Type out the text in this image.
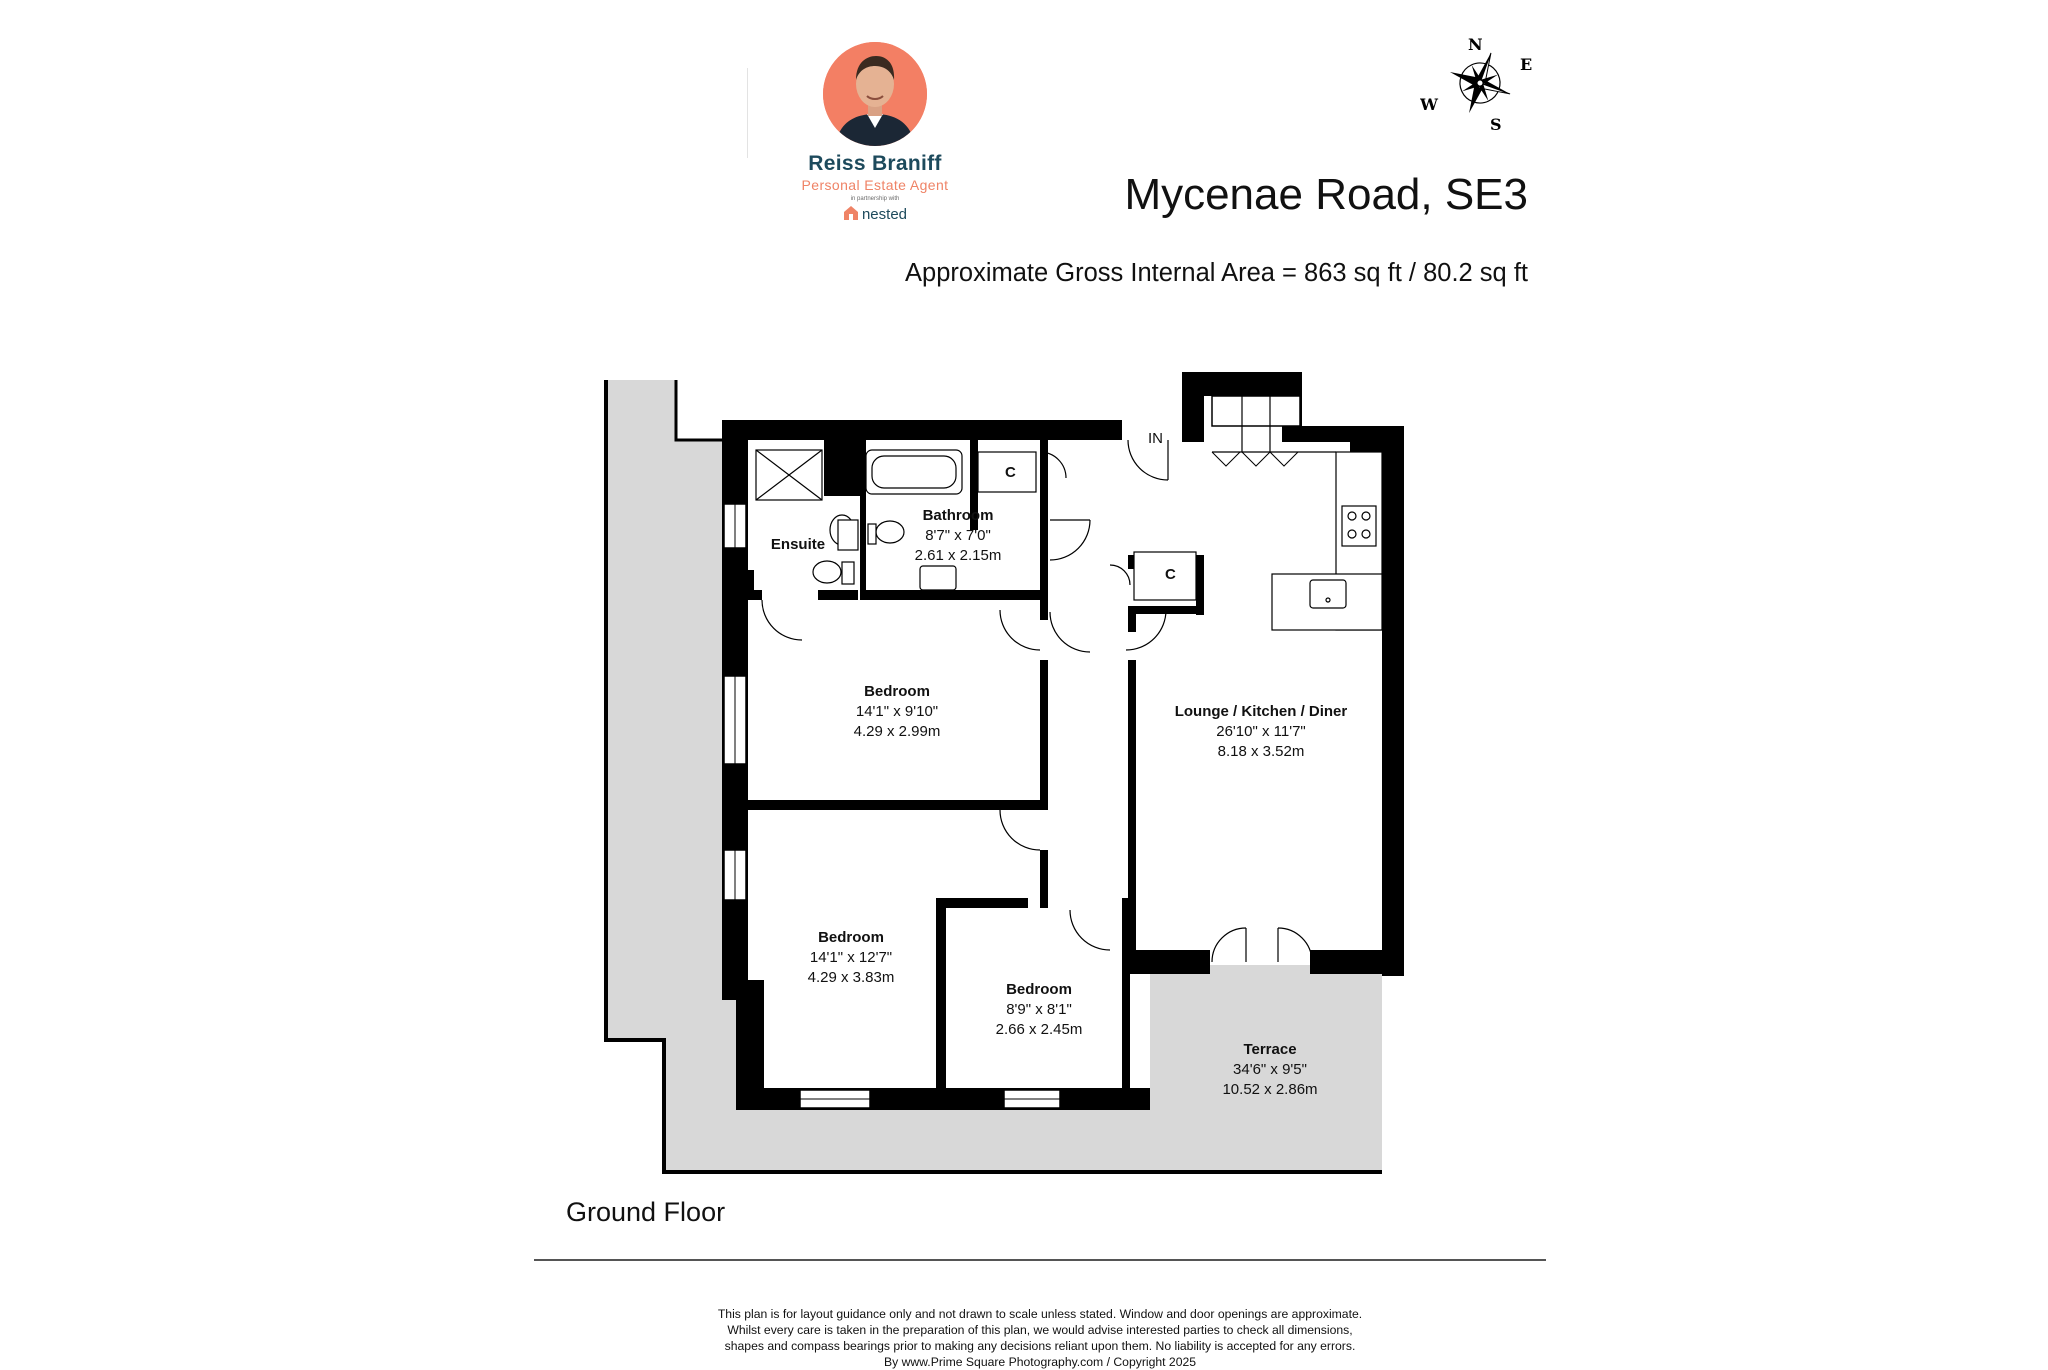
Reiss Braniff
Personal Estate Agent
in partnership with
nested
N
E
S
W
Mycenae Road, SE3
Approximate Gross Internal Area = 863 sq ft / 80.2 sq ft
Bathroom
8'7" x 7'0"
2.61 x 2.15m
Ensuite
Bedroom
14'1" x 9'10"
4.29 x 2.99m
Bedroom
14'1" x 12'7"
4.29 x 3.83m
Bedroom
8'9" x 8'1"
2.66 x 2.45m
Lounge / Kitchen / Diner
26'10" x 11'7"
8.18 x 3.52m
Terrace
34'6" x 9'5"
10.52 x 2.86m
IN
C
C
Ground Floor
This plan is for layout guidance only and not drawn to scale unless stated. Window and door openings are approximate.
Whilst every care is taken in the preparation of this plan, we would advise interested parties to check all dimensions,
shapes and compass bearings prior to making any decisions reliant upon them. No liability is accepted for any errors.
By www.Prime Square Photography.com / Copyright 2025
